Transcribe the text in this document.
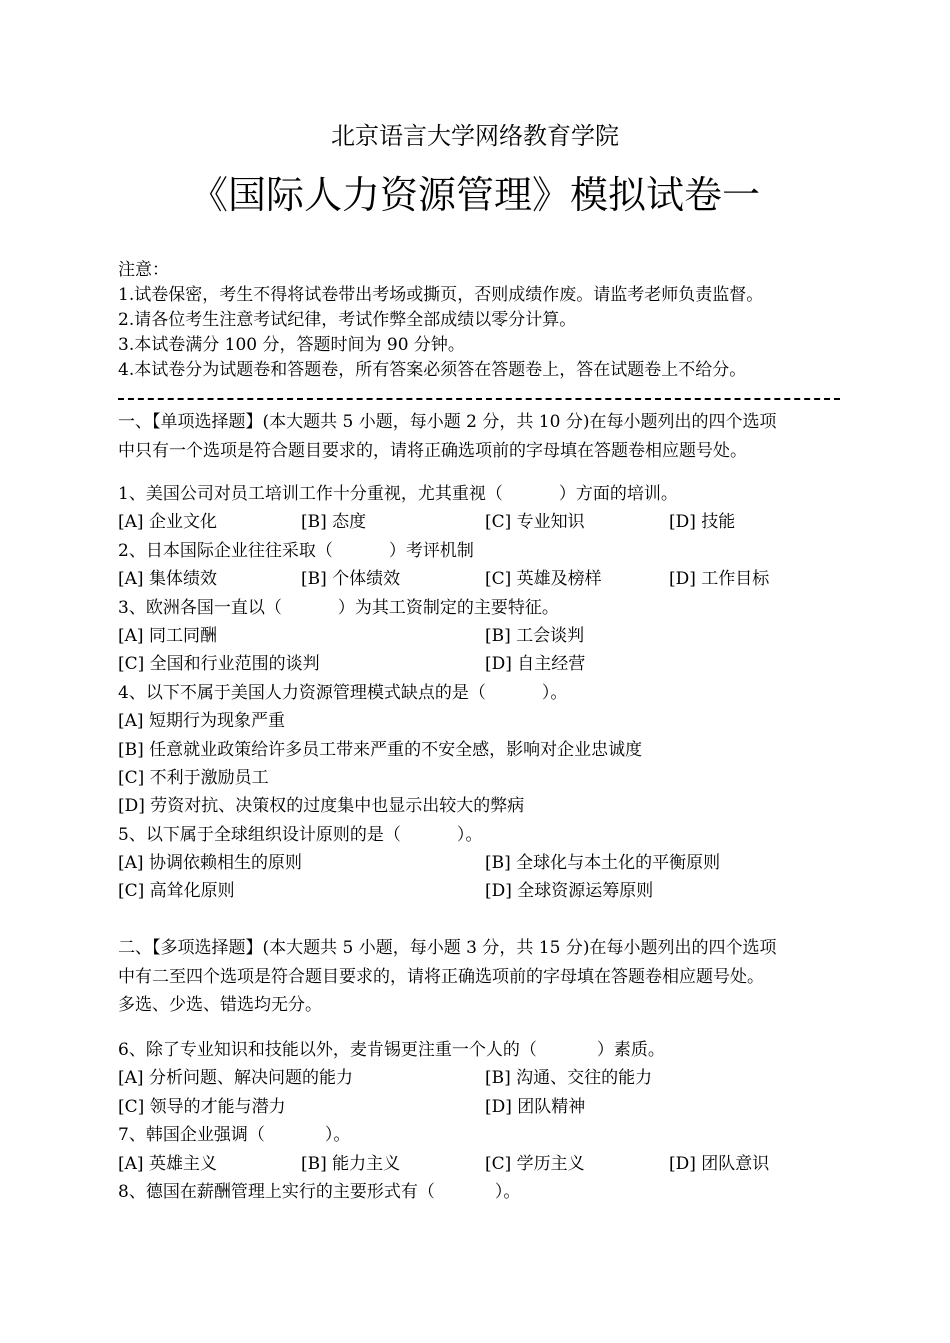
北京语言大学网络教育学院
《国际人力资源管理》模拟试卷一
注意：
1.试卷保密，考生不得将试卷带出考场或撕页，否则成绩作废。请监考老师负责监督。
2.请各位考生注意考试纪律，考试作弊全部成绩以零分计算。
3.本试卷满分 100 分，答题时间为 90 分钟。
4.本试卷分为试题卷和答题卷，所有答案必须答在答题卷上，答在试题卷上不给分。
一、【单项选择题】(本大题共 5 小题，每小题 2 分，共 10 分)在每小题列出的四个选项
中只有一个选项是符合题目要求的，请将正确选项前的字母填在答题卷相应题号处。
1、美国公司对员工培训工作十分重视，尤其重视（	）方面的培训。
[A] 企业文化	[B] 态度	[C] 专业知识	[D] 技能
2、日本国际企业往往采取（	）考评机制
[A] 集体绩效	[B] 个体绩效	[C] 英雄及榜样	[D] 工作目标
3、欧洲各国一直以（	）为其工资制定的主要特征。
[A] 同工同酬	[B] 工会谈判
[C] 全国和行业范围的谈判	[D] 自主经营
4、以下不属于美国人力资源管理模式缺点的是（	）。
[A] 短期行为现象严重
[B] 任意就业政策给许多员工带来严重的不安全感，影响对企业忠诚度
[C] 不利于激励员工
[D] 劳资对抗、决策权的过度集中也显示出较大的弊病
5、以下属于全球组织设计原则的是（	）。
[A] 协调依赖相生的原则	[B] 全球化与本土化的平衡原则
[C] 高耸化原则	[D] 全球资源运筹原则
二、【多项选择题】(本大题共 5 小题，每小题 3 分，共 15 分)在每小题列出的四个选项
中有二至四个选项是符合题目要求的，请将正确选项前的字母填在答题卷相应题号处。
多选、少选、错选均无分。
6、除了专业知识和技能以外，麦肯锡更注重一个人的（	）素质。
[A] 分析问题、解决问题的能力	[B] 沟通、交往的能力
[C] 领导的才能与潜力	[D] 团队精神
7、韩国企业强调（	）。
[A] 英雄主义	[B] 能力主义	[C] 学历主义	[D] 团队意识
8、德国在薪酬管理上实行的主要形式有（	）。
